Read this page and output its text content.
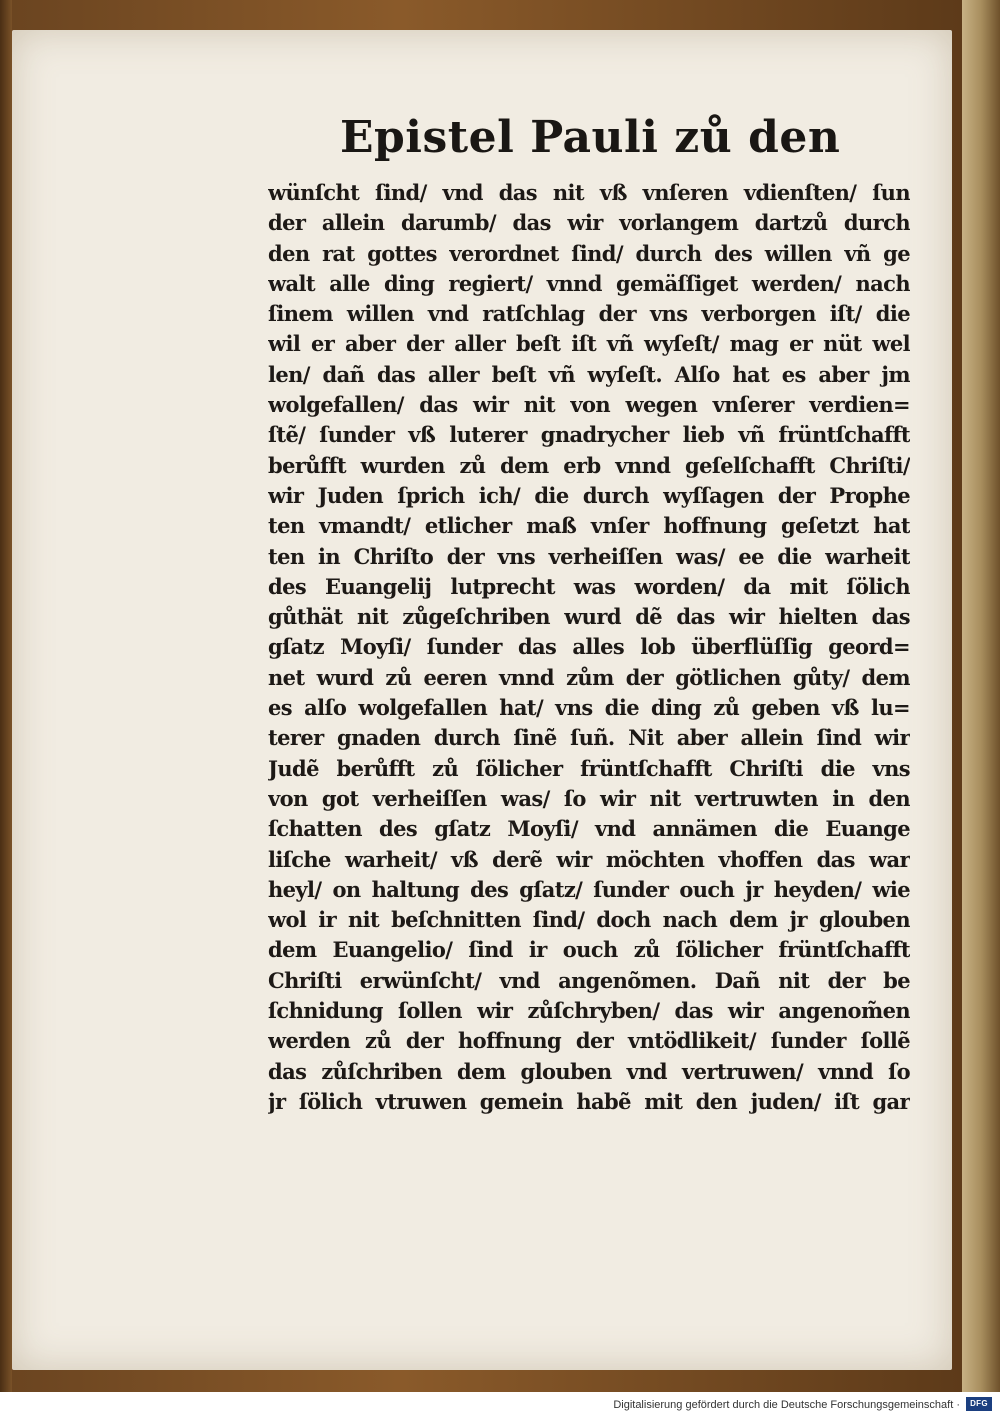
Epistel Pauli zů den
wünſcht ſind/ vnd das nit vß vnſeren vdienſten/ ſun
der allein darumb/ das wir vorlangem dartzů durch
den rat gottes verordnet ſind/ durch des willen vñ ge
walt alle ding regiert/ vnnd gemäſſiget werden/ nach
ſinem willen vnd ratſchlag der vns verborgen iſt/ die
wil er aber der aller beſt iſt vñ wyſeſt/ mag er nüt wel
len/ dañ das aller beſt vñ wyſeſt. Alſo hat es aber jm
wolgefallen/ das wir nit von wegen vnſerer verdien=
ſtẽ/ ſunder vß luterer gnadrycher lieb vñ früntſchafft
berůfft wurden zů dem erb vnnd geſelſchafft Chriſti/
wir Juden ſprich ich/ die durch wyſſagen der Prophe
ten vmandt/ etlicher maß vnſer hoffnung geſetzt hat
ten in Chriſto der vns verheiſſen was/ ee die warheit
des Euangelij lutprecht was worden/ da mit ſölich
gůthät nit zůgeſchriben wurd dẽ das wir hielten das
gſatz Moyſi/ ſunder das alles lob überflüſſig geord=
net wurd zů eeren vnnd zům der götlichen gůty/ dem
es alſo wolgefallen hat/ vns die ding zů geben vß lu=
terer gnaden durch ſinẽ ſuñ. Nit aber allein ſind wir
Judẽ berůfft zů ſölicher früntſchafft Chriſti die vns
von got verheiſſen was/ ſo wir nit vertruwten in den
ſchatten des gſatz Moyſi/ vnd annämen die Euange
liſche warheit/ vß derẽ wir möchten vhoffen das war
heyl/ on haltung des gſatz/ ſunder ouch jr heyden/ wie
wol ir nit beſchnitten ſind/ doch nach dem jr glouben
dem Euangelio/ ſind ir ouch zů ſölicher früntſchafft
Chriſti erwünſcht/ vnd angenõmen. Dañ nit der be
ſchnidung ſollen wir zůſchryben/ das wir angenom̃en
werden zů der hoffnung der vntödlikeit/ ſunder ſollẽ
das zůſchriben dem glouben vnd vertruwen/ vnnd ſo
jr ſölich vtruwen gemein habẽ mit den juden/ iſt gar
Digitalisierung gefördert durch die Deutsche Forschungsgemeinschaft ·	DFG
